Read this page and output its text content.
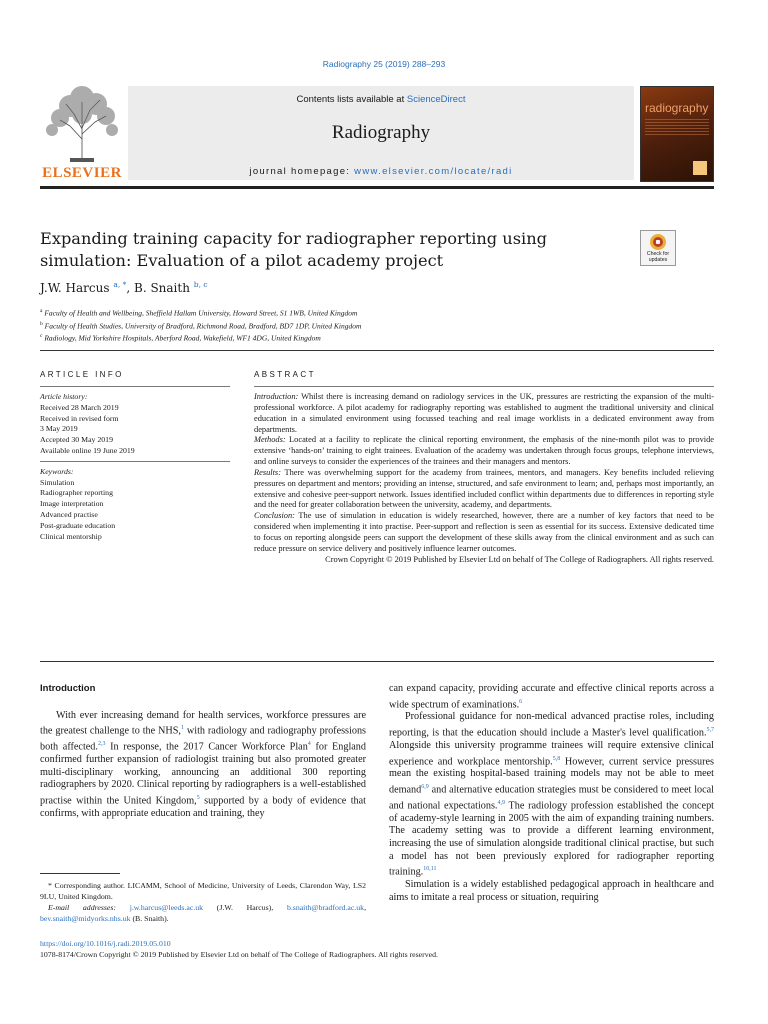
Radiography 25 (2019) 288–293
ELSEVIER
Contents lists available at ScienceDirect
Radiography
journal homepage: www.elsevier.com/locate/radi
radiography
Expanding training capacity for radiographer reporting using simulation: Evaluation of a pilot academy project	Check for updates
J.W. Harcus $^{a, *}$, B. Snaith $^{b, c}$
$^a$ Faculty of Health and Wellbeing, Sheffield Hallam University, Howard Street, S1 1WB, United Kingdom
$^b$ Faculty of Health Studies, University of Bradford, Richmond Road, Bradford, BD7 1DP, United Kingdom
$^c$ Radiology, Mid Yorkshire Hospitals, Aberford Road, Wakefield, WF1 4DG, United Kingdom
ARTICLE INFO
Article history:
Received 28 March 2019
Received in revised form
3 May 2019
Accepted 30 May 2019
Available online 19 June 2019
Keywords:
Simulation
Radiographer reporting
Image interpretation
Advanced practise
Post-graduate education
Clinical mentorship
ABSTRACT

Introduction: Whilst there is increasing demand on radiology services in the UK, pressures are restricting the expansion of the multi-professional workforce. A pilot academy for radiography reporting was established to augment the traditional university and clinical education in a simulated environment using focussed teaching and real image worklists in a dedicated environment away from departments.

Methods: Located at a facility to replicate the clinical reporting environment, the emphasis of the nine-month pilot was to provide extensive ‘hands-on’ training to eight trainees. Evaluation of the academy was undertaken through focus groups, telephone interviews, and online surveys to consider the experiences of the trainees and their managers and mentors.

Results: There was overwhelming support for the academy from trainees, mentors, and managers. Key benefits included relieving pressures on department and mentors; providing an intense, structured, and safe environment to learn; and, perhaps most importantly, an extensive and cohesive peer-support network. Issues identified included conflict within departments due to differences in reporting style and the need for greater collaboration between the university, academy, and departments.

Conclusion: The use of simulation in education is widely researched, however, there are a number of key factors that need to be considered when implementing it into practise. Peer-support and reflection is seen as essential for its success. Extensive dedicated time to focus on reporting alongside peers can support the development of these skills away from the clinical environment and as such can reduce pressure on service delivery and positively influence learner outcomes.

Crown Copyright © 2019 Published by Elsevier Ltd on behalf of The College of Radiographers. All rights reserved.

Introduction

With ever increasing demand for health services, workforce pressures are the greatest challenge to the NHS,$^1$ with radiology and radiography professions both affected.$^{2,3}$ In response, the 2017 Cancer Workforce Plan$^4$ for England confirmed further expansion of radiologist training but also promoted greater multi-disciplinary working, announcing an additional 300 reporting radiographers by 2020. Clinical reporting by radiographers is a well-established practise within the United Kingdom,$^5$ supported by a body of evidence that confirms, with appropriate education and training, they

* Corresponding author. LICAMM, School of Medicine, University of Leeds, Clarendon Way, LS2 9LU, United Kingdom.

E-mail addresses: j.w.harcus@leeds.ac.uk (J.W. Harcus), b.snaith@bradford.ac.uk, bev.snaith@midyorks.nhs.uk (B. Snaith).

can expand capacity, providing accurate and effective clinical reports across a wide spectrum of examinations.$^6$

Professional guidance for non-medical advanced practise roles, including reporting, is that the education should include a Master's level qualification.$^{5,7}$ Alongside this university programme trainees will require extensive clinical experience and workplace mentorship.$^{5,8}$ However, current service pressures mean the existing hospital-based training models may not be able to meet demand$^{6,9}$ and alternative education strategies must be considered to meet local and national expectations.$^{4,9}$ The radiology profession established the concept of academy-style learning in 2005 with the aim of expanding training numbers. The academy setting was to provide a different learning environment, increasing the use of simulation alongside traditional clinical practise, but such a model has not been previously explored for radiographer reporting training.$^{10,11}$

Simulation is a widely established pedagogical approach in healthcare and aims to imitate a real process or situation, requiring

https://doi.org/10.1016/j.radi.2019.05.010
1078-8174/Crown Copyright © 2019 Published by Elsevier Ltd on behalf of The College of Radiographers. All rights reserved.
